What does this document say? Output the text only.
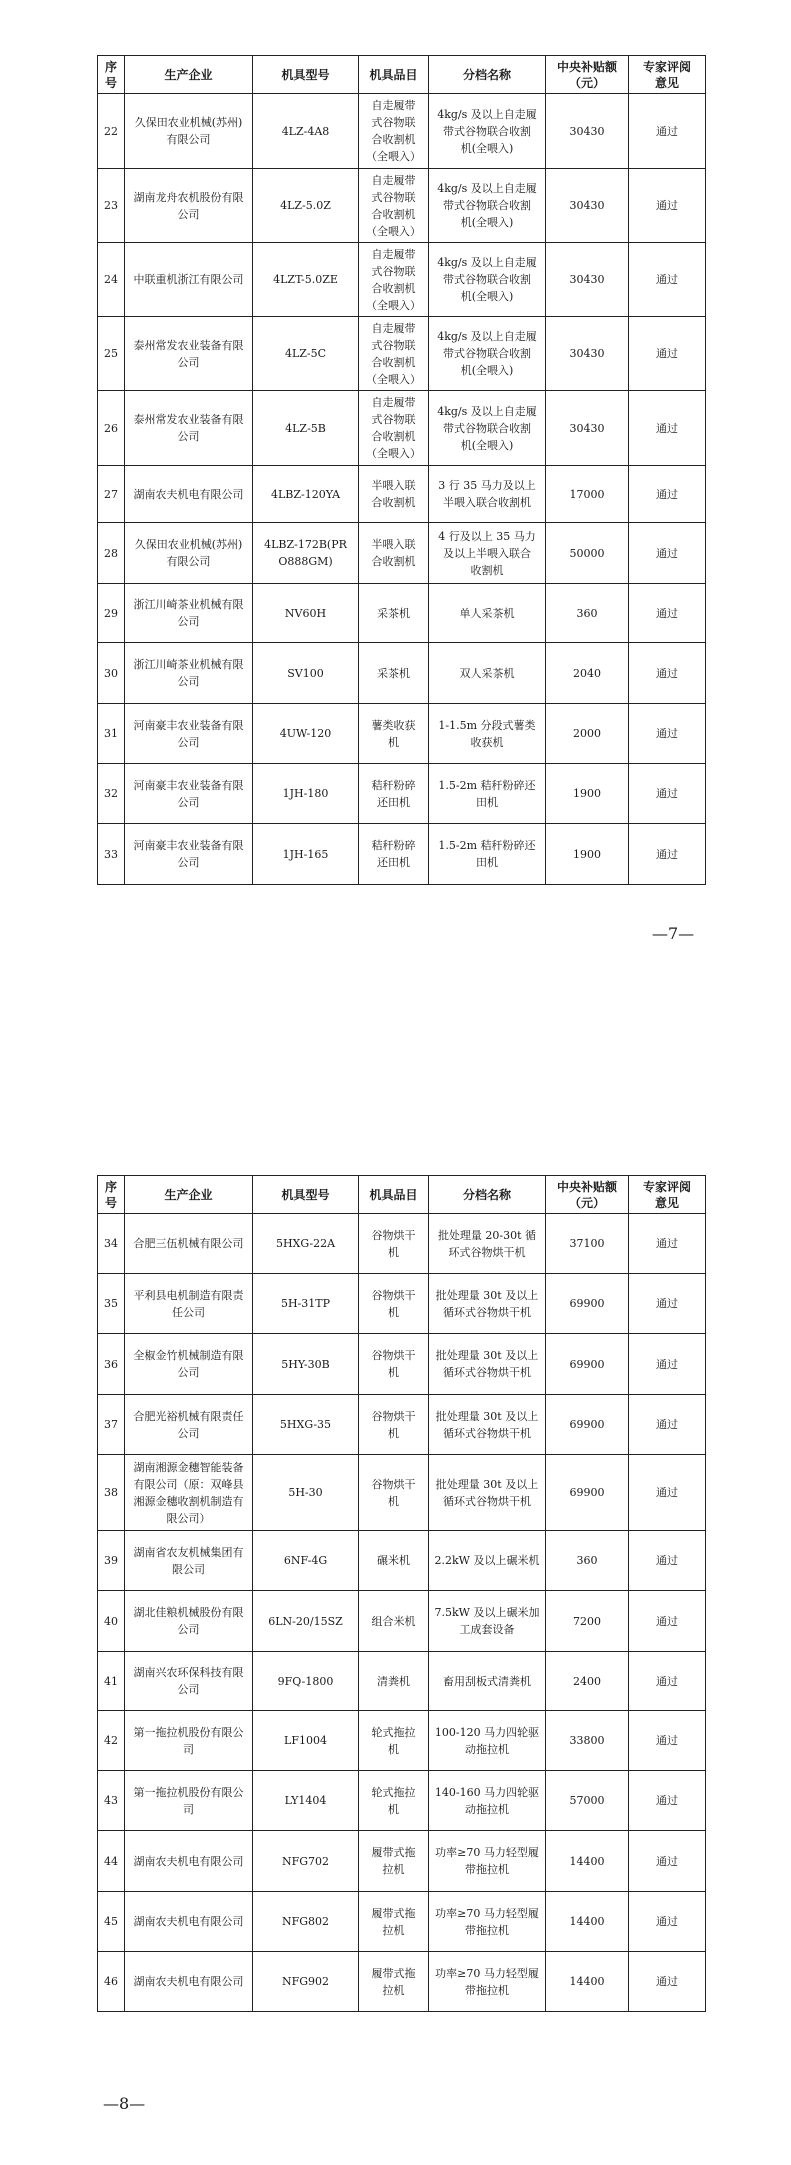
序
号	生产企业	机具型号	机具品目	分档名称	中央补贴额
（元）	专家评阅
意见
22	久保田农业机械(苏州)
有限公司	4LZ-4A8	自走履带
式谷物联
合收割机
（全喂入）	4kg/s 及以上自走履
带式谷物联合收割
机(全喂入)	30430	通过
23	湖南龙舟农机股份有限
公司	4LZ-5.0Z	自走履带
式谷物联
合收割机
（全喂入）	4kg/s 及以上自走履
带式谷物联合收割
机(全喂入)	30430	通过
24	中联重机浙江有限公司	4LZT-5.0ZE	自走履带
式谷物联
合收割机
（全喂入）	4kg/s 及以上自走履
带式谷物联合收割
机(全喂入)	30430	通过
25	泰州常发农业装备有限
公司	4LZ-5C	自走履带
式谷物联
合收割机
（全喂入）	4kg/s 及以上自走履
带式谷物联合收割
机(全喂入)	30430	通过
26	泰州常发农业装备有限
公司	4LZ-5B	自走履带
式谷物联
合收割机
（全喂入）	4kg/s 及以上自走履
带式谷物联合收割
机(全喂入)	30430	通过
27	湖南农夫机电有限公司	4LBZ-120YA	半喂入联
合收割机	3 行 35 马力及以上
半喂入联合收割机	17000	通过
28	久保田农业机械(苏州)
有限公司	4LBZ-172B(PR
O888GM)	半喂入联
合收割机	4 行及以上 35 马力
及以上半喂入联合
收割机	50000	通过
29	浙江川崎茶业机械有限
公司	NV60H	采茶机	单人采茶机	360	通过
30	浙江川崎茶业机械有限
公司	SV100	采茶机	双人采茶机	2040	通过
31	河南豪丰农业装备有限
公司	4UW-120	薯类收获
机	1-1.5m 分段式薯类
收获机	2000	通过
32	河南豪丰农业装备有限
公司	1JH-180	秸秆粉碎
还田机	1.5-2m 秸秆粉碎还
田机	1900	通过
33	河南豪丰农业装备有限
公司	1JH-165	秸秆粉碎
还田机	1.5-2m 秸秆粉碎还
田机	1900	通过
—7—
序
号	生产企业	机具型号	机具品目	分档名称	中央补贴额
（元）	专家评阅
意见
34	合肥三伍机械有限公司	5HXG-22A	谷物烘干
机	批处理量 20-30t 循
环式谷物烘干机	37100	通过
35	平利县电机制造有限责
任公司	5H-31TP	谷物烘干
机	批处理量 30t 及以上
循环式谷物烘干机	69900	通过
36	全椒金竹机械制造有限
公司	5HY-30B	谷物烘干
机	批处理量 30t 及以上
循环式谷物烘干机	69900	通过
37	合肥光裕机械有限责任
公司	5HXG-35	谷物烘干
机	批处理量 30t 及以上
循环式谷物烘干机	69900	通过
38	湖南湘源金穗智能装备
有限公司（原：双峰县
湘源金穗收割机制造有
限公司）	5H-30	谷物烘干
机	批处理量 30t 及以上
循环式谷物烘干机	69900	通过
39	湖南省农友机械集团有
限公司	6NF-4G	碾米机	2.2kW 及以上碾米机	360	通过
40	湖北佳粮机械股份有限
公司	6LN-20/15SZ	组合米机	7.5kW 及以上碾米加
工成套设备	7200	通过
41	湖南兴农环保科技有限
公司	9FQ-1800	清粪机	畜用刮板式清粪机	2400	通过
42	第一拖拉机股份有限公
司	LF1004	轮式拖拉
机	100-120 马力四轮驱
动拖拉机	33800	通过
43	第一拖拉机股份有限公
司	LY1404	轮式拖拉
机	140-160 马力四轮驱
动拖拉机	57000	通过
44	湖南农夫机电有限公司	NFG702	履带式拖
拉机	功率≥70 马力轻型履
带拖拉机	14400	通过
45	湖南农夫机电有限公司	NFG802	履带式拖
拉机	功率≥70 马力轻型履
带拖拉机	14400	通过
46	湖南农夫机电有限公司	NFG902	履带式拖
拉机	功率≥70 马力轻型履
带拖拉机	14400	通过
—8—
